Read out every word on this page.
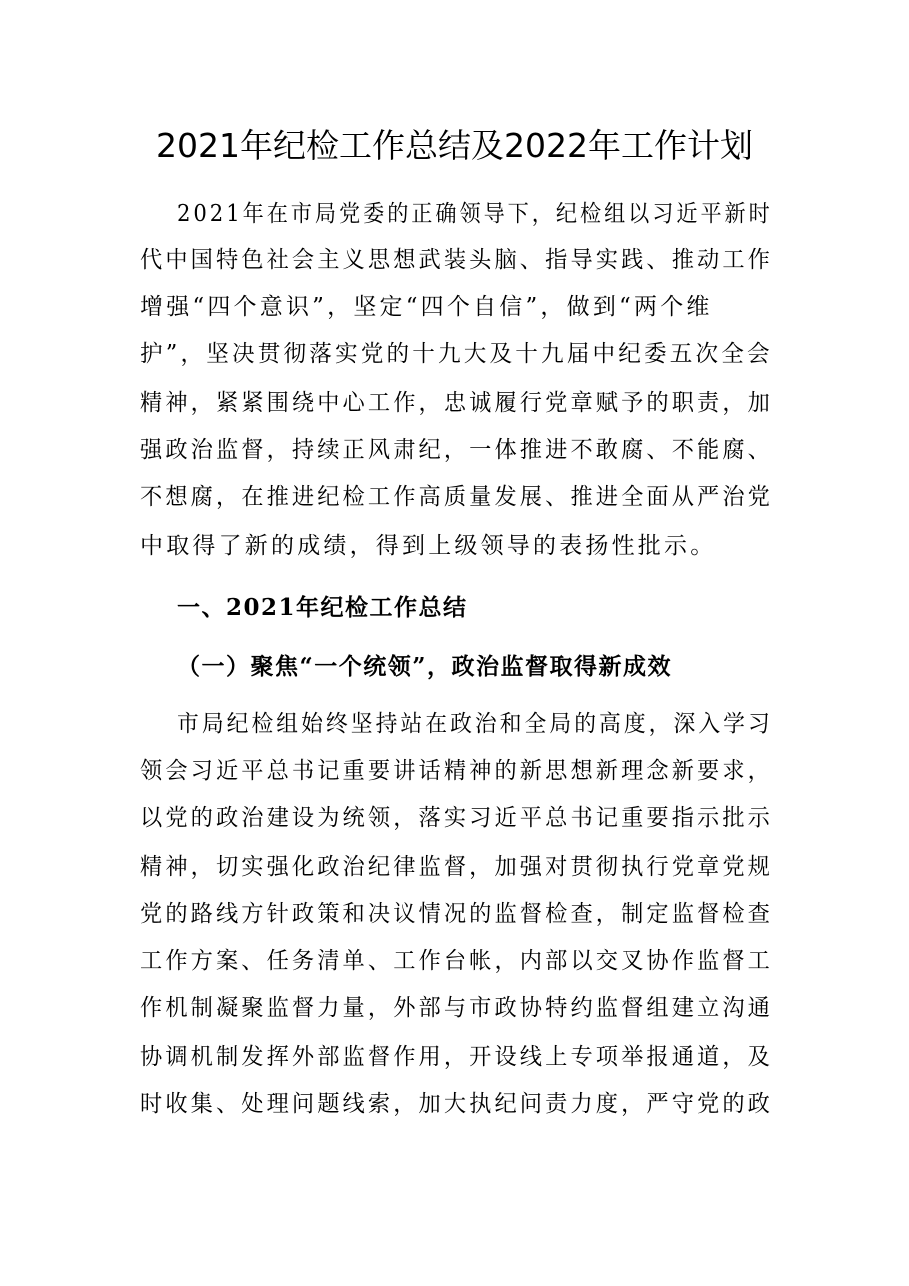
2021年纪检工作总结及2022年工作计划
2021年在市局党委的正确领导下，纪检组以习近平新时
代中国特色社会主义思想武装头脑、指导实践、推动工作
增强“四个意识”，坚定“四个自信”，做到“两个维
护”，坚决贯彻落实党的十九大及十九届中纪委五次全会
精神，紧紧围绕中心工作，忠诚履行党章赋予的职责，加
强政治监督，持续正风肃纪，一体推进不敢腐、不能腐、
不想腐，在推进纪检工作高质量发展、推进全面从严治党
中取得了新的成绩，得到上级领导的表扬性批示。
一、2021年纪检工作总结
（一）聚焦“一个统领”，政治监督取得新成效
市局纪检组始终坚持站在政治和全局的高度，深入学习
领会习近平总书记重要讲话精神的新思想新理念新要求，
以党的政治建设为统领，落实习近平总书记重要指示批示
精神，切实强化政治纪律监督，加强对贯彻执行党章党规
党的路线方针政策和决议情况的监督检查，制定监督检查
工作方案、任务清单、工作台帐，内部以交叉协作监督工
作机制凝聚监督力量，外部与市政协特约监督组建立沟通
协调机制发挥外部监督作用，开设线上专项举报通道，及
时收集、处理问题线索，加大执纪问责力度，严守党的政
